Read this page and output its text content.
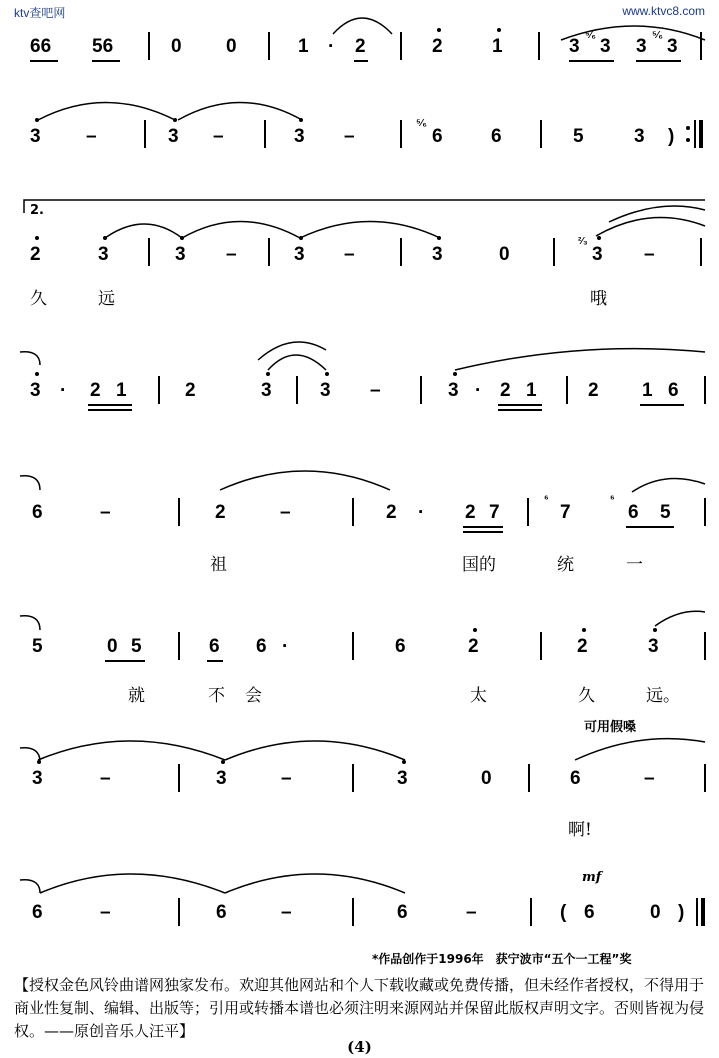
ktv查吧网	www.ktvc8.com
66 56	0 0	1 · 2	2	1	3
⁵⁄₆
3 3
⁵⁄₆
3
3 –	3 –	3 –
⁵⁄₆
6	6	5	3 )
2.
2	3	3 –	3 –	3	0
²⁄₃
3 –
久	远	哦
3 · 2 1	2	3	3 –	3 · 2 1	2 1 6
6	–	2	–	2 · 2 7
⁶
7
⁶
6 5
祖	国的	统	一
5	0 5	6 6 ·	6	2	2	3
就	不会	太	久	远。
可用假嗓
3	–	3	–	3	0	6	–
啊!
mf
6	–	6	–	6	–	( 6	0 )
*作品创作于1996年　获宁波市“五个一工程”奖
【授权金色风铃曲谱网独家发布。欢迎其他网站和个人下载收藏或免费传播，但未经作者授权，不得用于商业性复制、编辑、出版等；引用或转播本谱也必须注明来源网站并保留此版权声明文字。否则皆视为侵权。——原创音乐人汪平】
(4)
